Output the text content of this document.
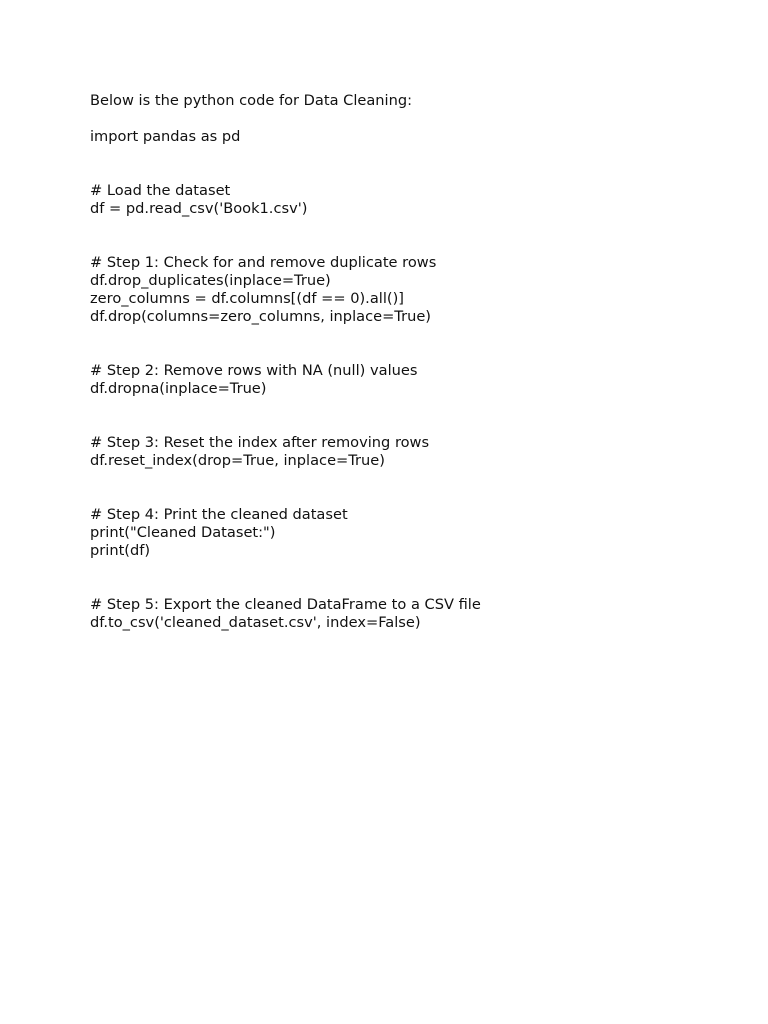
Below is the python code for Data Cleaning:
import pandas as pd
# Load the dataset
df = pd.read_csv('Book1.csv')
# Step 1: Check for and remove duplicate rows
df.drop_duplicates(inplace=True)
zero_columns = df.columns[(df == 0).all()]
df.drop(columns=zero_columns, inplace=True)
# Step 2: Remove rows with NA (null) values
df.dropna(inplace=True)
# Step 3: Reset the index after removing rows
df.reset_index(drop=True, inplace=True)
# Step 4: Print the cleaned dataset
print("Cleaned Dataset:")
print(df)
# Step 5: Export the cleaned DataFrame to a CSV file
df.to_csv('cleaned_dataset.csv', index=False)
